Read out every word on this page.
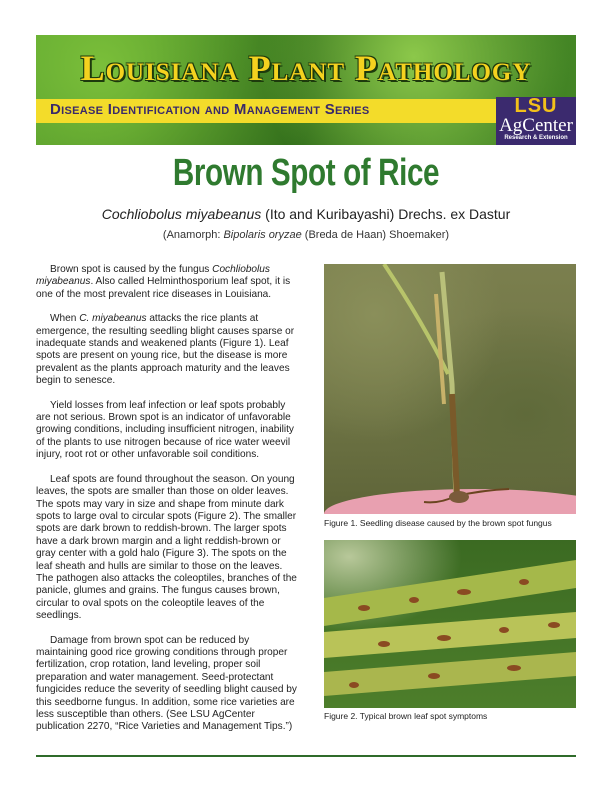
Louisiana Plant Pathology
Disease Identification and Management Series	LSU
AgCenter
Research & Extension
Brown Spot of Rice
Cochliobolus miyabeanus (Ito and Kuribayashi) Drechs. ex Dastur
(Anamorph: Bipolaris oryzae (Breda de Haan) Shoemaker)

Brown spot is caused by the fungus Cochliobolus miyabeanus. Also called Helminthosporium leaf spot, it is one of the most prevalent rice diseases in Louisiana.

When C. miyabeanus attacks the rice plants at emergence, the resulting seedling blight causes sparse or inadequate stands and weakened plants (Figure 1). Leaf spots are present on young rice, but the disease is more prevalent as the plants approach maturity and the leaves begin to senesce.

Yield losses from leaf infection or leaf spots probably are not serious. Brown spot is an indicator of unfavorable growing conditions, including insufficient nitrogen, inability of the plants to use nitrogen because of rice water weevil injury, root rot or other unfavorable soil conditions.

Leaf spots are found throughout the season. On young leaves, the spots are smaller than those on older leaves. The spots may vary in size and shape from minute dark spots to large oval to circular spots (Figure 2). The smaller spots are dark brown to reddish-brown. The larger spots have a dark brown margin and a light reddish-brown or gray center with a gold halo (Figure 3). The spots on the leaf sheath and hulls are similar to those on the leaves. The pathogen also attacks the coleoptiles, branches of the panicle, glumes and grains. The fungus causes brown, circular to oval spots on the coleoptile leaves of the seedlings.

Damage from brown spot can be reduced by maintaining good rice growing conditions through proper fertilization, crop rotation, land leveling, proper soil preparation and water management. Seed-protectant fungicides reduce the severity of seedling blight caused by this seedborne fungus. In addition, some rice varieties are less susceptible than others. (See LSU AgCenter publication 2270, “Rice Varieties and Management Tips.”)

Figure 1. Seedling disease caused by the brown spot fungus
Figure 2. Typical brown leaf spot symptoms
